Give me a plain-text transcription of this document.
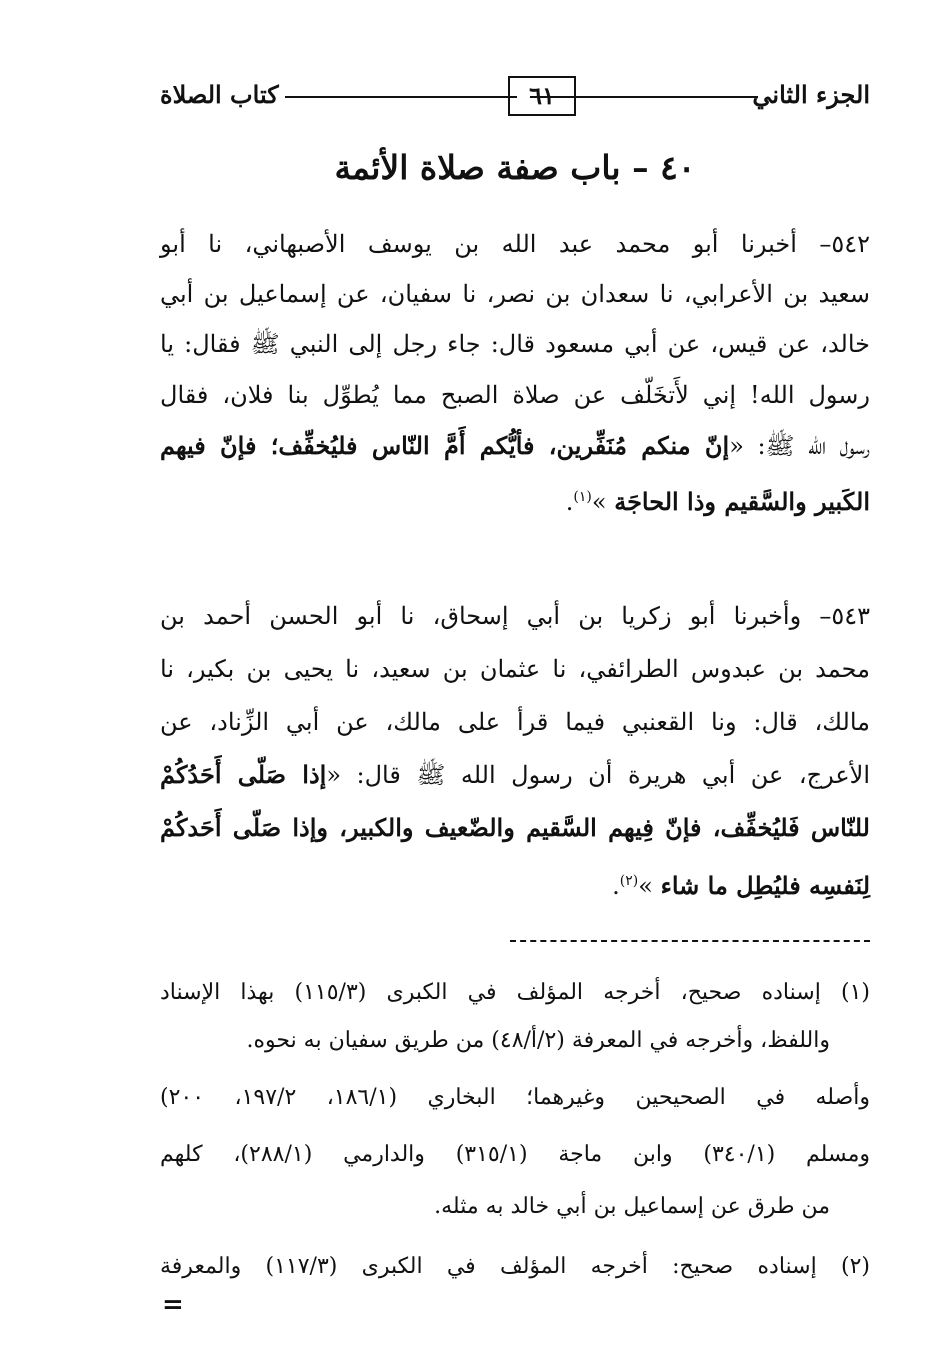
الجزء الثاني
٦١
كتاب الصلاة
٤٠ – باب صفة صلاة الأئمة
٥٤٢– أخبرنا أبو محمد عبد الله بن يوسف الأصبهاني، نا أبو
سعيد بن الأعرابي، نا سعدان بن نصر، نا سفيان، عن إسماعيل بن أبي
خالد، عن قيس، عن أبي مسعود قال: جاء رجل إلى النبي ﷺ فقال: يا
رسول الله! إني لأَتخَلّف عن صلاة الصبح مما يُطوِّل بنا فلان، فقال
رسول الله ﷺ: «إنّ منكم مُنَفِّرين، فأيُّكم أَمَّ النّاس فليُخفِّف؛ فإنّ فيهم
الكَبير والسَّقيم وذا الحاجَة »$^{(١)}$.
٥٤٣– وأخبرنا أبو زكريا بن أبي إسحاق، نا أبو الحسن أحمد بن
محمد بن عبدوس الطرائفي، نا عثمان بن سعيد، نا يحيى بن بكير، نا
مالك، قال: ونا القعنبي فيما قرأ على مالك، عن أبي الزِّناد، عن
الأعرج، عن أبي هريرة أن رسول الله ﷺ قال: «إذا صَلّى أَحَدُكُمْ
للنّاس فَليُخفِّف، فإنّ فِيهم السَّقيم والضّعيف والكبير، وإذا صَلّى أَحَدكُمْ
لِنَفسِه فليُطِل ما شاء »$^{(٢)}$.
(١) إسناده صحيح، أخرجه المؤلف في الكبرى (١١٥/٣) بهذا الإسناد
واللفظ، وأخرجه في المعرفة (٢/أ/٤٨) من طريق سفيان به نحوه.
وأصله في الصحيحين وغيرهما؛ البخاري (١٨٦/١، ١٩٧/٢، ٢٠٠)
ومسلم (٣٤٠/١) وابن ماجة (٣١٥/١) والدارمي (٢٨٨/١)، كلهم
من طرق عن إسماعيل بن أبي خالد به مثله.
(٢) إسناده صحيح: أخرجه المؤلف في الكبرى (١١٧/٣) والمعرفة
=
